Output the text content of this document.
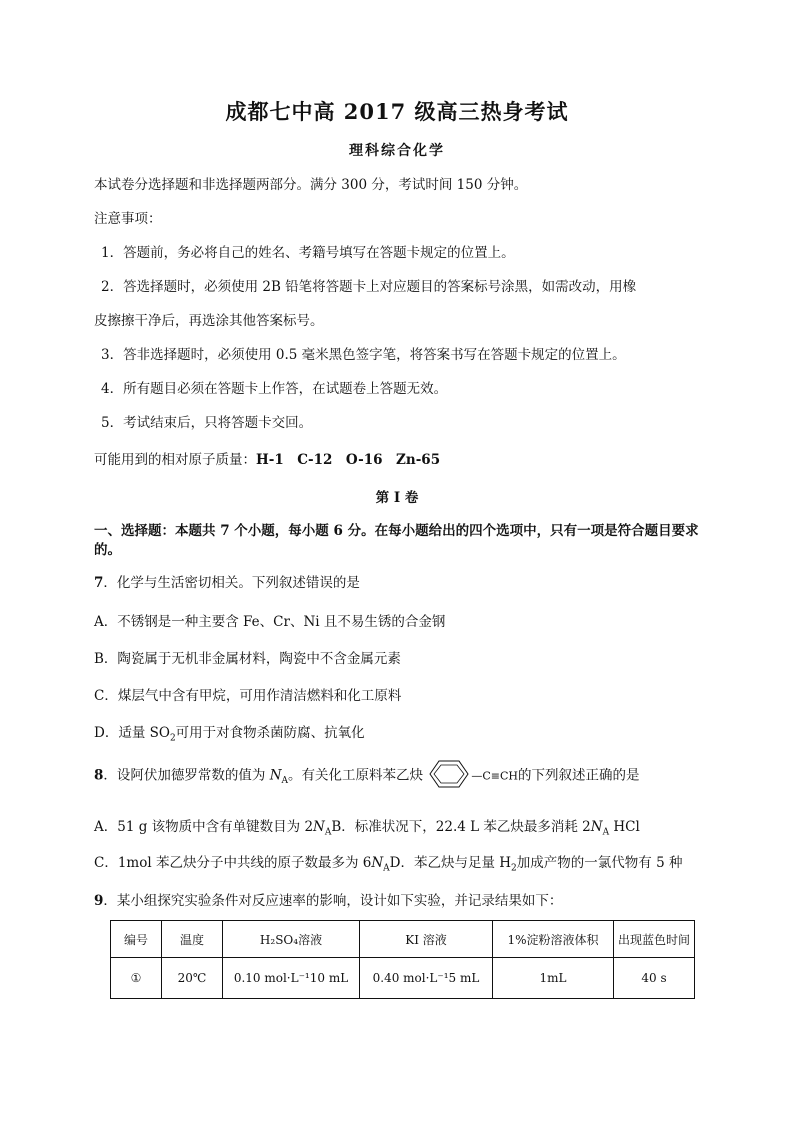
成都七中高 2017 级高三热身考试
理科综合化学
本试卷分选择题和非选择题两部分。满分 300 分，考试时间 150 分钟。
注意事项：
1．答题前，务必将自己的姓名、考籍号填写在答题卡规定的位置上。
2．答选择题时，必须使用 2B 铅笔将答题卡上对应题目的答案标号涂黑，如需改动，用橡
皮擦擦干净后，再选涂其他答案标号。
3．答非选择题时，必须使用 0.5 毫米黑色签字笔，将答案书写在答题卡规定的位置上。
4．所有题目必须在答题卡上作答，在试题卷上答题无效。
5．考试结束后，只将答题卡交回。
可能用到的相对原子质量：H-1　C-12　O-16　Zn-65
第 I 卷
一、选择题：本题共 7 个小题，每小题 6 分。在每小题给出的四个选项中，只有一项是符合题目要求
的。
7．化学与生活密切相关。下列叙述错误的是
A．不锈钢是一种主要含 Fe、Cr、Ni 且不易生锈的合金钢
B．陶瓷属于无机非金属材料，陶瓷中不含金属元素
C．煤层气中含有甲烷，可用作清洁燃料和化工原料
D．适量 $SO_2$可用于对食物杀菌防腐、抗氧化
8．设阿伏加德罗常数的值为 $N_A$。有关化工原料苯乙炔	—C≡CH的下列叙述正确的是
A．51 g 该物质中含有单键数目为 $2N_AB$．标准状况下，22.4 L 苯乙炔最多消耗 $2N_A$ HCl
C．1mol 苯乙炔分子中共线的原子数最多为 $6N_AD$．苯乙炔与足量 $H_2$加成产物的一氯代物有 5 种
9．某小组探究实验条件对反应速率的影响，设计如下实验，并记录结果如下：
编号	温度	H₂SO₄溶液	KI 溶液	1%淀粉溶液体积	出现蓝色时间
①	20℃	0.10 mol·L⁻¹10 mL	0.40 mol·L⁻¹5 mL	1mL	40 s
